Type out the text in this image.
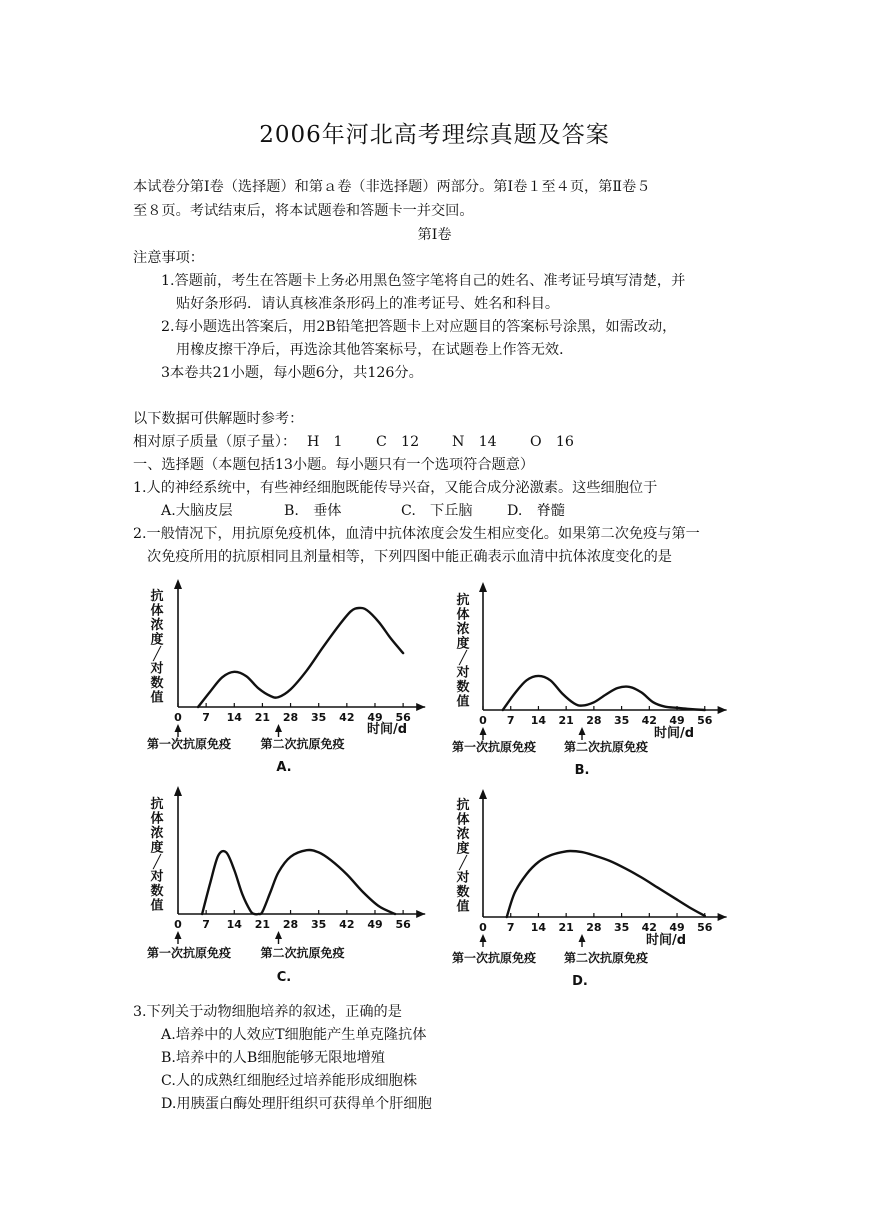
2006年河北高考理综真题及答案
本试卷分第Ⅰ卷（选择题）和第ａ卷（非选择题）两部分。第Ⅰ卷１至４页，第Ⅱ卷５
至８页。考试结束后，将本试题卷和答题卡一并交回。
第Ⅰ卷
注意事项：
1.答题前，考生在答题卡上务必用黑色签字笔将自己的姓名、准考证号填写清楚，并
贴好条形码．请认真核准条形码上的准考证号、姓名和科目。
2.每小题选出答案后，用2B铅笔把答题卡上对应题目的答案标号涂黑，如需改动，
用橡皮擦干净后，再选涂其他答案标号，在试题卷上作答无效．
3本卷共21小题，每小题6分，共126分。
以下数据可供解题时参考：
相对原子质量（原子量）： H　1 C　12 N　14 O　16
一、选择题（本题包括13小题。每小题只有一个选项符合题意）
1.人的神经系统中，有些神经细胞既能传导兴奋，又能合成分泌激素。这些细胞位于
A.大脑皮层	B.　垂体	C.　下丘脑 D.　脊髓
2.一般情况下，用抗原免疫机体，血清中抗体浓度会发生相应变化。如果第二次免疫与第一
次免疫所用的抗原相同且剂量相等，下列四图中能正确表示血清中抗体浓度变化的是
0 7 14 21 28 35 42 49 56
抗
体
浓
度
╱
对
数
值
时间/d
第一次抗原免疫 第二次抗原免疫
A.
0 7 14 21 28 35 42 49 56
抗
体
浓
度
╱
对
数
值
时间/d
第一次抗原免疫 第二次抗原免疫
B.
0 7 14 21 28 35 42 49 56
抗
体
浓
度
╱
对
数
值
第一次抗原免疫 第二次抗原免疫
C.
0 7 14 21 28 35 42 49 56
抗
体
浓
度
╱
对
数
值
时间/d
第一次抗原免疫 第二次抗原免疫
D.
3.下列关于动物细胞培养的叙述，正确的是
A.培养中的人效应T细胞能产生单克隆抗体
B.培养中的人B细胞能够无限地增殖
C.人的成熟红细胞经过培养能形成细胞株
D.用胰蛋白酶处理肝组织可获得单个肝细胞
